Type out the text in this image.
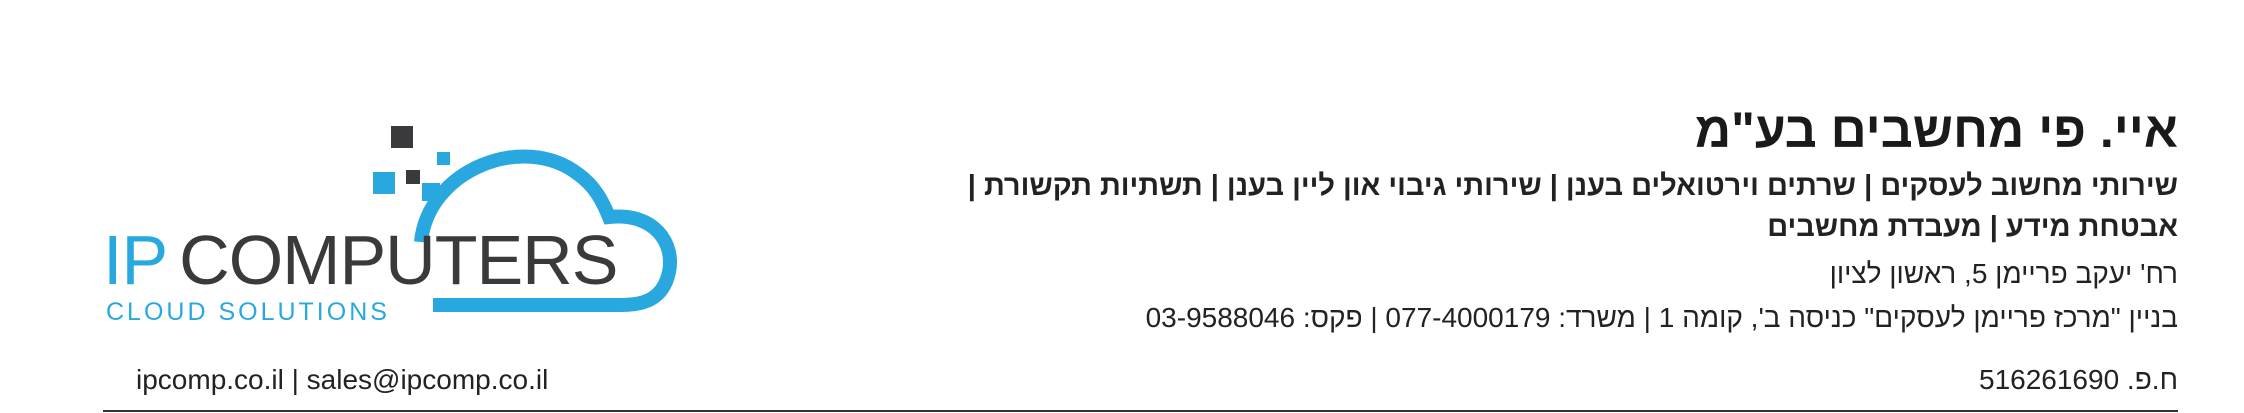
איי. פי מחשבים בע"מ
שירותי מחשוב לעסקים | שרתים וירטואלים בענן | שירותי גיבוי און ליין בענן | תשתיות תקשורת |
אבטחת מידע | מעבדת מחשבים
רח' יעקב פריימן 5, ראשון לציון
בניין "מרכז פריימן לעסקים" כניסה ב', קומה 1 | משרד: 077-4000179 | פקס: 03-9588046
ח.פ. 516261690
IP COMPUTERS
CLOUD SOLUTIONS
ipcomp.co.il | sales@ipcomp.co.il
